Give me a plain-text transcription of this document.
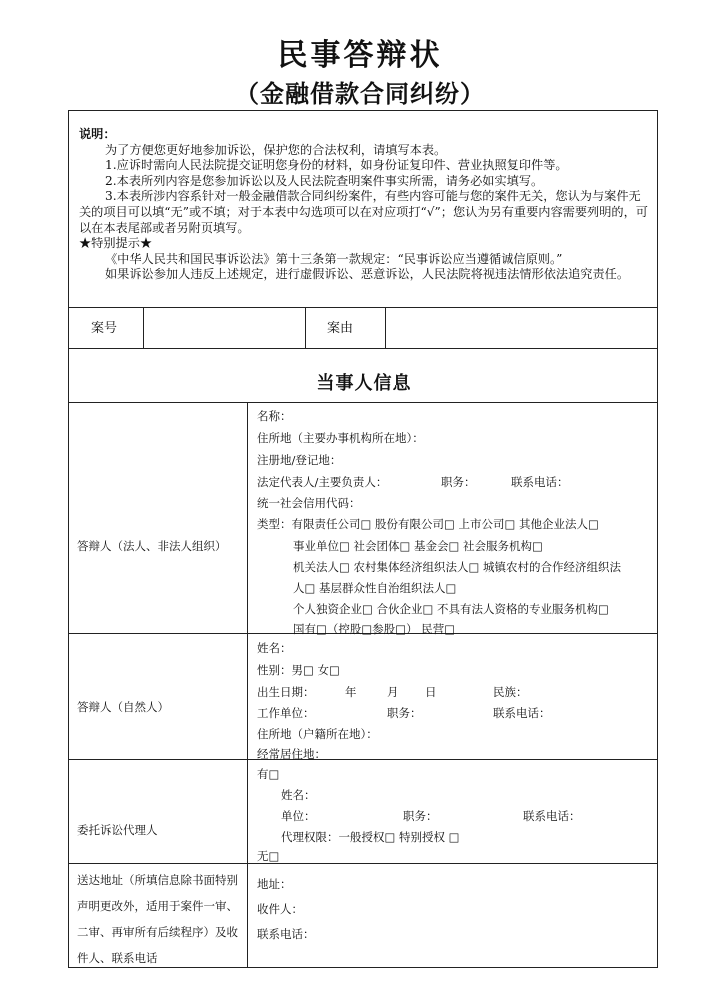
民事答辩状
（金融借款合同纠纷）

说明：

为了方便您更好地参加诉讼，保护您的合法权利，请填写本表。

1.应诉时需向人民法院提交证明您身份的材料，如身份证复印件、营业执照复印件等。

2.本表所列内容是您参加诉讼以及人民法院查明案件事实所需，请务必如实填写。

3.本表所涉内容系针对一般金融借款合同纠纷案件，有些内容可能与您的案件无关，您认为与案件无关的项目可以填“无”或不填；对于本表中勾选项可以在对应项打“√”；您认为另有重要内容需要列明的，可以在本表尾部或者另附页填写。

★特别提示★

《中华人民共和国民事诉讼法》第十三条第一款规定：“民事诉讼应当遵循诚信原则。”

如果诉讼参加人违反上述规定，进行虚假诉讼、恶意诉讼，人民法院将视违法情形依法追究责任。

案号	案由
当事人信息
答辩人（法人、非法人组织）
名称：
住所地（主要办事机构所在地）：
注册地/登记地：
法定代表人/主要负责人：	职务：	联系电话：
统一社会信用代码：
类型：有限责任公司□ 股份有限公司□ 上市公司□ 其他企业法人□
事业单位□ 社会团体□ 基金会□ 社会服务机构□
机关法人□ 农村集体经济组织法人□ 城镇农村的合作经济组织法
人□ 基层群众性自治组织法人□
个人独资企业□ 合伙企业□ 不具有法人资格的专业服务机构□
国有□（控股□参股□） 民营□
答辩人（自然人）
姓名：
性别：男□ 女□
出生日期：	年	月 日	民族：
工作单位：	职务：	联系电话：
住所地（户籍所在地）：
经常居住地：
委托诉讼代理人
有□
姓名：
单位：	职务：	联系电话：
代理权限：一般授权□ 特别授权 □
无□
送达地址（所填信息除书面特别
声明更改外，适用于案件一审、
二审、再审所有后续程序）及收
件人、联系电话
地址：
收件人：
联系电话：
